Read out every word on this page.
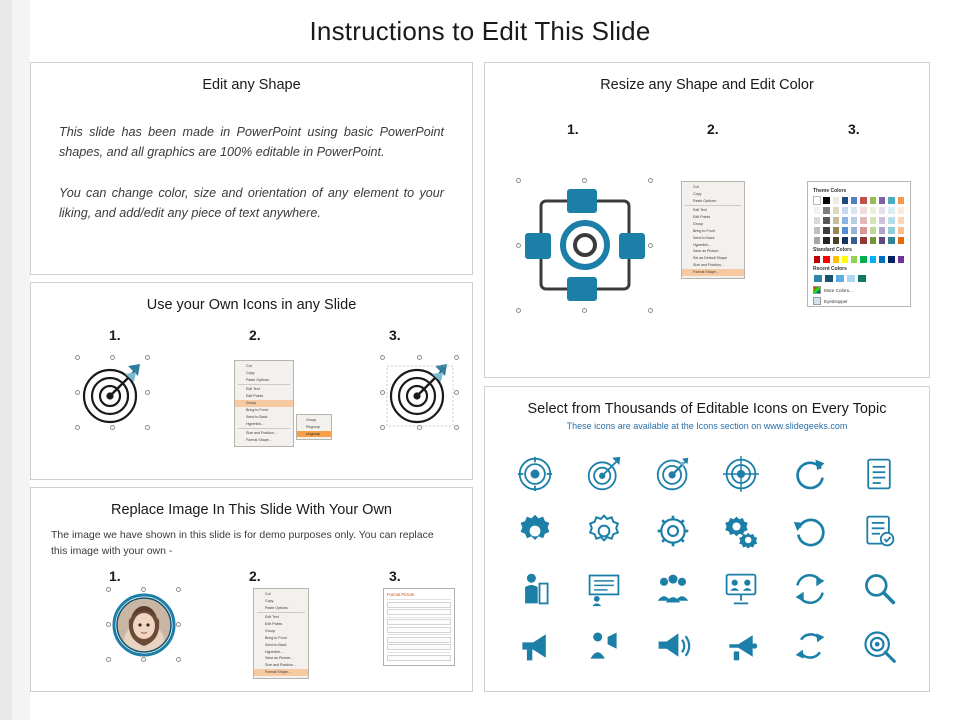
Instructions to Edit This Slide
Edit any Shape
This slide has been made in PowerPoint using basic PowerPoint shapes, and all graphics are 100% editable in PowerPoint.
You can change color, size and orientation of any element to your liking, and add/edit any piece of text anywhere.
Use your Own Icons in any Slide
1.	2.	3.
Cut
Copy
Paste Options:
Edit Text
Edit Points
Group
Bring to Front
Send to Back
Hyperlink...
Size and Position...
Format Shape...
Group
Regroup
Ungroup
Replace Image In This Slide With Your Own
The image we have shown in this slide is for demo purposes only. You can replace this image with your own -
1.	2.	3.
Cut
Copy
Paste Options:
Edit Text
Edit Points
Group
Bring to Front
Send to Back
Hyperlink...
Save as Picture...
Size and Position...
Format Shape...
Format Picture
Resize any Shape and Edit Color
1.	2.	3.
Cut
Copy
Paste Options:
Edit Text
Edit Points
Group
Bring to Front
Send to Back
Hyperlink...
Save as Picture...
Set as Default Shape
Size and Position...
Format Shape...
Theme Colors
Standard Colors
Recent Colors
More Colors...
Eyedropper
Select from Thousands of Editable Icons on Every Topic
These icons are available at the Icons section on www.slidegeeks.com
